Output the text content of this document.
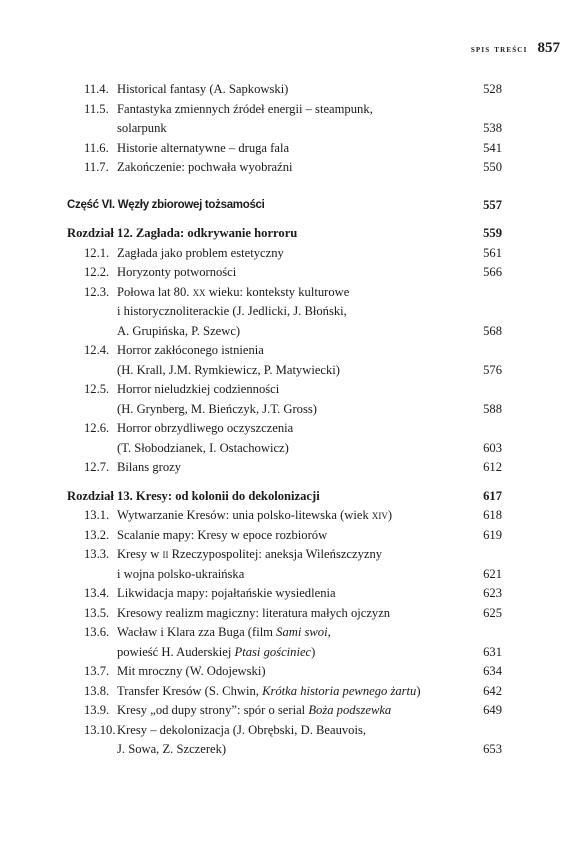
spis treści 857
11.4. Historical fantasy (A. Sapkowski)	528
11.5. Fantastyka zmiennych źródeł energii – steampunk,
solarpunk	538
11.6. Historie alternatywne – druga fala	541
11.7. Zakończenie: pochwała wyobraźni	550
Część VI. Węzły zbiorowej tożsamości	557
Rozdział 12. Zagłada: odkrywanie horroru	559
12.1. Zagłada jako problem estetyczny	561
12.2. Horyzonty potworności	566
12.3. Połowa lat 80. xx wieku: konteksty kulturowe
i historycznoliterackie (J. Jedlicki, J. Błoński,
A. Grupińska, P. Szewc)	568
12.4. Horror zakłóconego istnienia
(H. Krall, J.M. Rymkiewicz, P. Matywiecki)	576
12.5. Horror nieludzkiej codzienności
(H. Grynberg, M. Bieńczyk, J.T. Gross)	588
12.6. Horror obrzydliwego oczyszczenia
(T. Słobodzianek, I. Ostachowicz)	603
12.7. Bilans grozy	612
Rozdział 13. Kresy: od kolonii do dekolonizacji	617
13.1. Wytwarzanie Kresów: unia polsko-litewska (wiek xiv)	618
13.2. Scalanie mapy: Kresy w epoce rozbiorów	619
13.3. Kresy w ii Rzeczypospolitej: aneksja Wileńszczyzny
i wojna polsko-ukraińska	621
13.4. Likwidacja mapy: pojałtańskie wysiedlenia	623
13.5. Kresowy realizm magiczny: literatura małych ojczyzn	625
13.6. Wacław i Klara zza Buga (film Sami swoi,
powieść H. Auderskiej Ptasi gościniec)	631
13.7. Mit mroczny (W. Odojewski)	634
13.8. Transfer Kresów (S. Chwin, Krótka historia pewnego żartu)	642
13.9. Kresy „od dupy strony”: spór o serial Boża podszewka	649
13.10. Kresy – dekolonizacja (J. Obrębski, D. Beauvois,
J. Sowa, Z. Szczerek)	653
